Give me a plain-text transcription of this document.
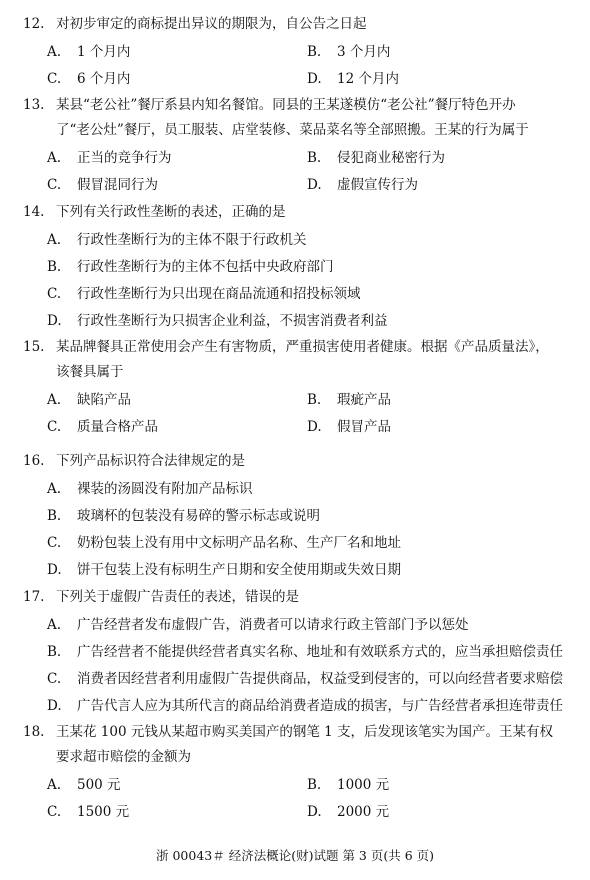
12. 对初步审定的商标提出异议的期限为，自公告之日起
A. 1 个月内	B. 3 个月内
C. 6 个月内	D. 12 个月内
13. 某县“老公社”餐厅系县内知名餐馆。同县的王某遂模仿“老公社”餐厅特色开办
了“老公灶”餐厅，员工服装、店堂装修、菜品菜名等全部照搬。王某的行为属于
A. 正当的竞争行为	B. 侵犯商业秘密行为
C. 假冒混同行为	D. 虚假宣传行为
14. 下列有关行政性垄断的表述，正确的是
A. 行政性垄断行为的主体不限于行政机关
B. 行政性垄断行为的主体不包括中央政府部门
C. 行政性垄断行为只出现在商品流通和招投标领域
D. 行政性垄断行为只损害企业利益，不损害消费者利益
15. 某品牌餐具正常使用会产生有害物质，严重损害使用者健康。根据《产品质量法》，
该餐具属于
A. 缺陷产品	B. 瑕疵产品
C. 质量合格产品	D. 假冒产品
16. 下列产品标识符合法律规定的是
A. 裸装的汤圆没有附加产品标识
B. 玻璃杯的包装没有易碎的警示标志或说明
C. 奶粉包装上没有用中文标明产品名称、生产厂名和地址
D. 饼干包装上没有标明生产日期和安全使用期或失效日期
17. 下列关于虚假广告责任的表述，错误的是
A. 广告经营者发布虚假广告，消费者可以请求行政主管部门予以惩处
B. 广告经营者不能提供经营者真实名称、地址和有效联系方式的，应当承担赔偿责任
C. 消费者因经营者利用虚假广告提供商品，权益受到侵害的，可以向经营者要求赔偿
D. 广告代言人应为其所代言的商品给消费者造成的损害，与广告经营者承担连带责任
18. 王某花 100 元钱从某超市购买美国产的钢笔 1 支，后发现该笔实为国产。王某有权
要求超市赔偿的金额为
A. 500 元	B. 1000 元
C. 1500 元	D. 2000 元
浙 00043＃ 经济法概论(财)试题 第 3 页(共 6 页)
